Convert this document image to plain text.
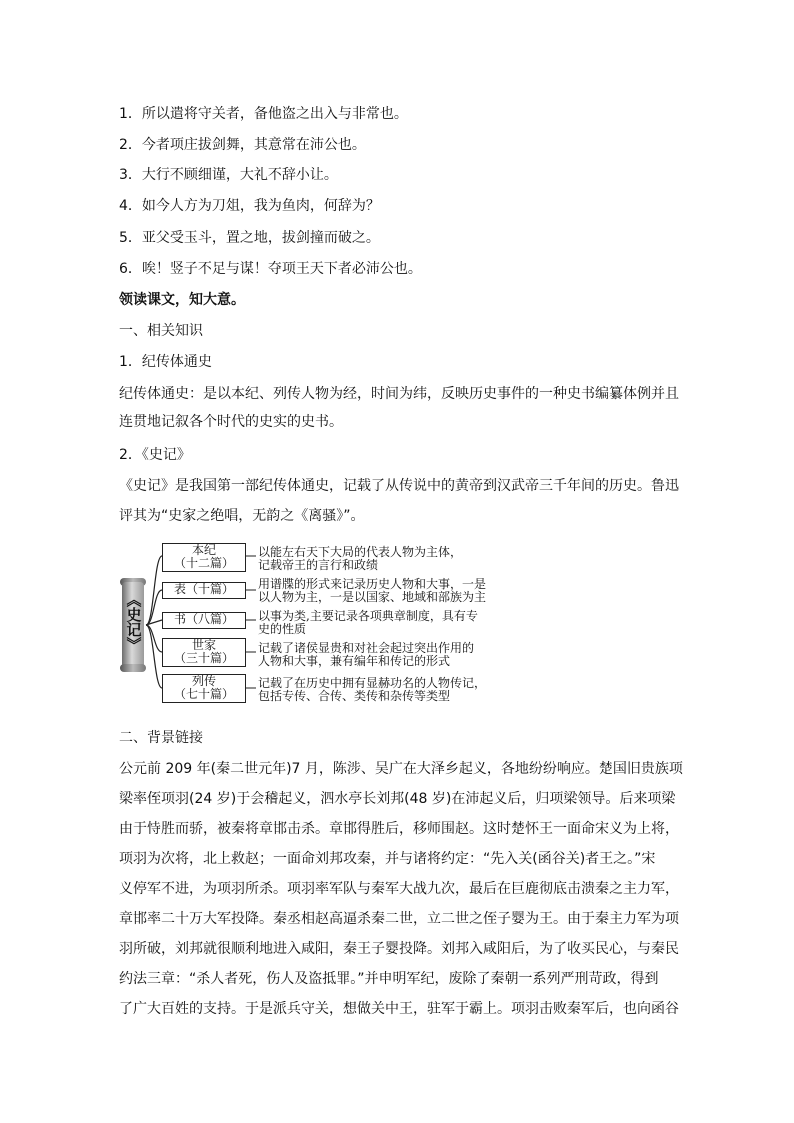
1．所以遣将守关者，备他盗之出入与非常也。
2．今者项庄拔剑舞，其意常在沛公也。
3．大行不顾细谨，大礼不辞小让。
4．如今人方为刀俎，我为鱼肉，何辞为？
5．亚父受玉斗，置之地，拔剑撞而破之。
6．唉！竖子不足与谋！夺项王天下者必沛公也。
领读课文，知大意。
一、相关知识
1．纪传体通史
纪传体通史：是以本纪、列传人物为经，时间为纬，反映历史事件的一种史书编纂体例并且
连贯地记叙各个时代的史实的史书。
2．《史记》
《史记》是我国第一部纪传体通史，记载了从传说中的黄帝到汉武帝三千年间的历史。鲁迅
评其为“史家之绝唱，无韵之《离骚》”。
《史记》
本纪
（十二篇）
以能左右天下大局的代表人物为主体，
记载帝王的言行和政绩
表（十篇）	用谱牒的形式来记录历史人物和大事，一是
以人物为主，一是以国家、地域和部族为主
书（八篇）	以事为类,主要记录各项典章制度，具有专
史的性质
世家
（三十篇）
记载了诸侯显贵和对社会起过突出作用的
人物和大事，兼有编年和传记的形式
列传
（七十篇）
记载了在历史中拥有显赫功名的人物传记，
包括专传、合传、类传和杂传等类型
二、背景链接
公元前 209 年(秦二世元年)7 月，陈涉、吴广在大泽乡起义，各地纷纷响应。楚国旧贵族项
梁率侄项羽(24 岁)于会稽起义，泗水亭长刘邦(48 岁)在沛起义后，归项梁领导。后来项梁
由于恃胜而骄，被秦将章邯击杀。章邯得胜后，移师围赵。这时楚怀王一面命宋义为上将，
项羽为次将，北上救赵；一面命刘邦攻秦，并与诸将约定：“先入关(函谷关)者王之。”宋
义停军不进，为项羽所杀。项羽率军队与秦军大战九次，最后在巨鹿彻底击溃秦之主力军，
章邯率二十万大军投降。秦丞相赵高逼杀秦二世，立二世之侄子婴为王。由于秦主力军为项
羽所破，刘邦就很顺利地进入咸阳，秦王子婴投降。刘邦入咸阳后，为了收买民心，与秦民
约法三章：“杀人者死，伤人及盗抵罪。”并申明军纪，废除了秦朝一系列严刑苛政，得到
了广大百姓的支持。于是派兵守关，想做关中王，驻军于霸上。项羽击败秦军后，也向函谷
